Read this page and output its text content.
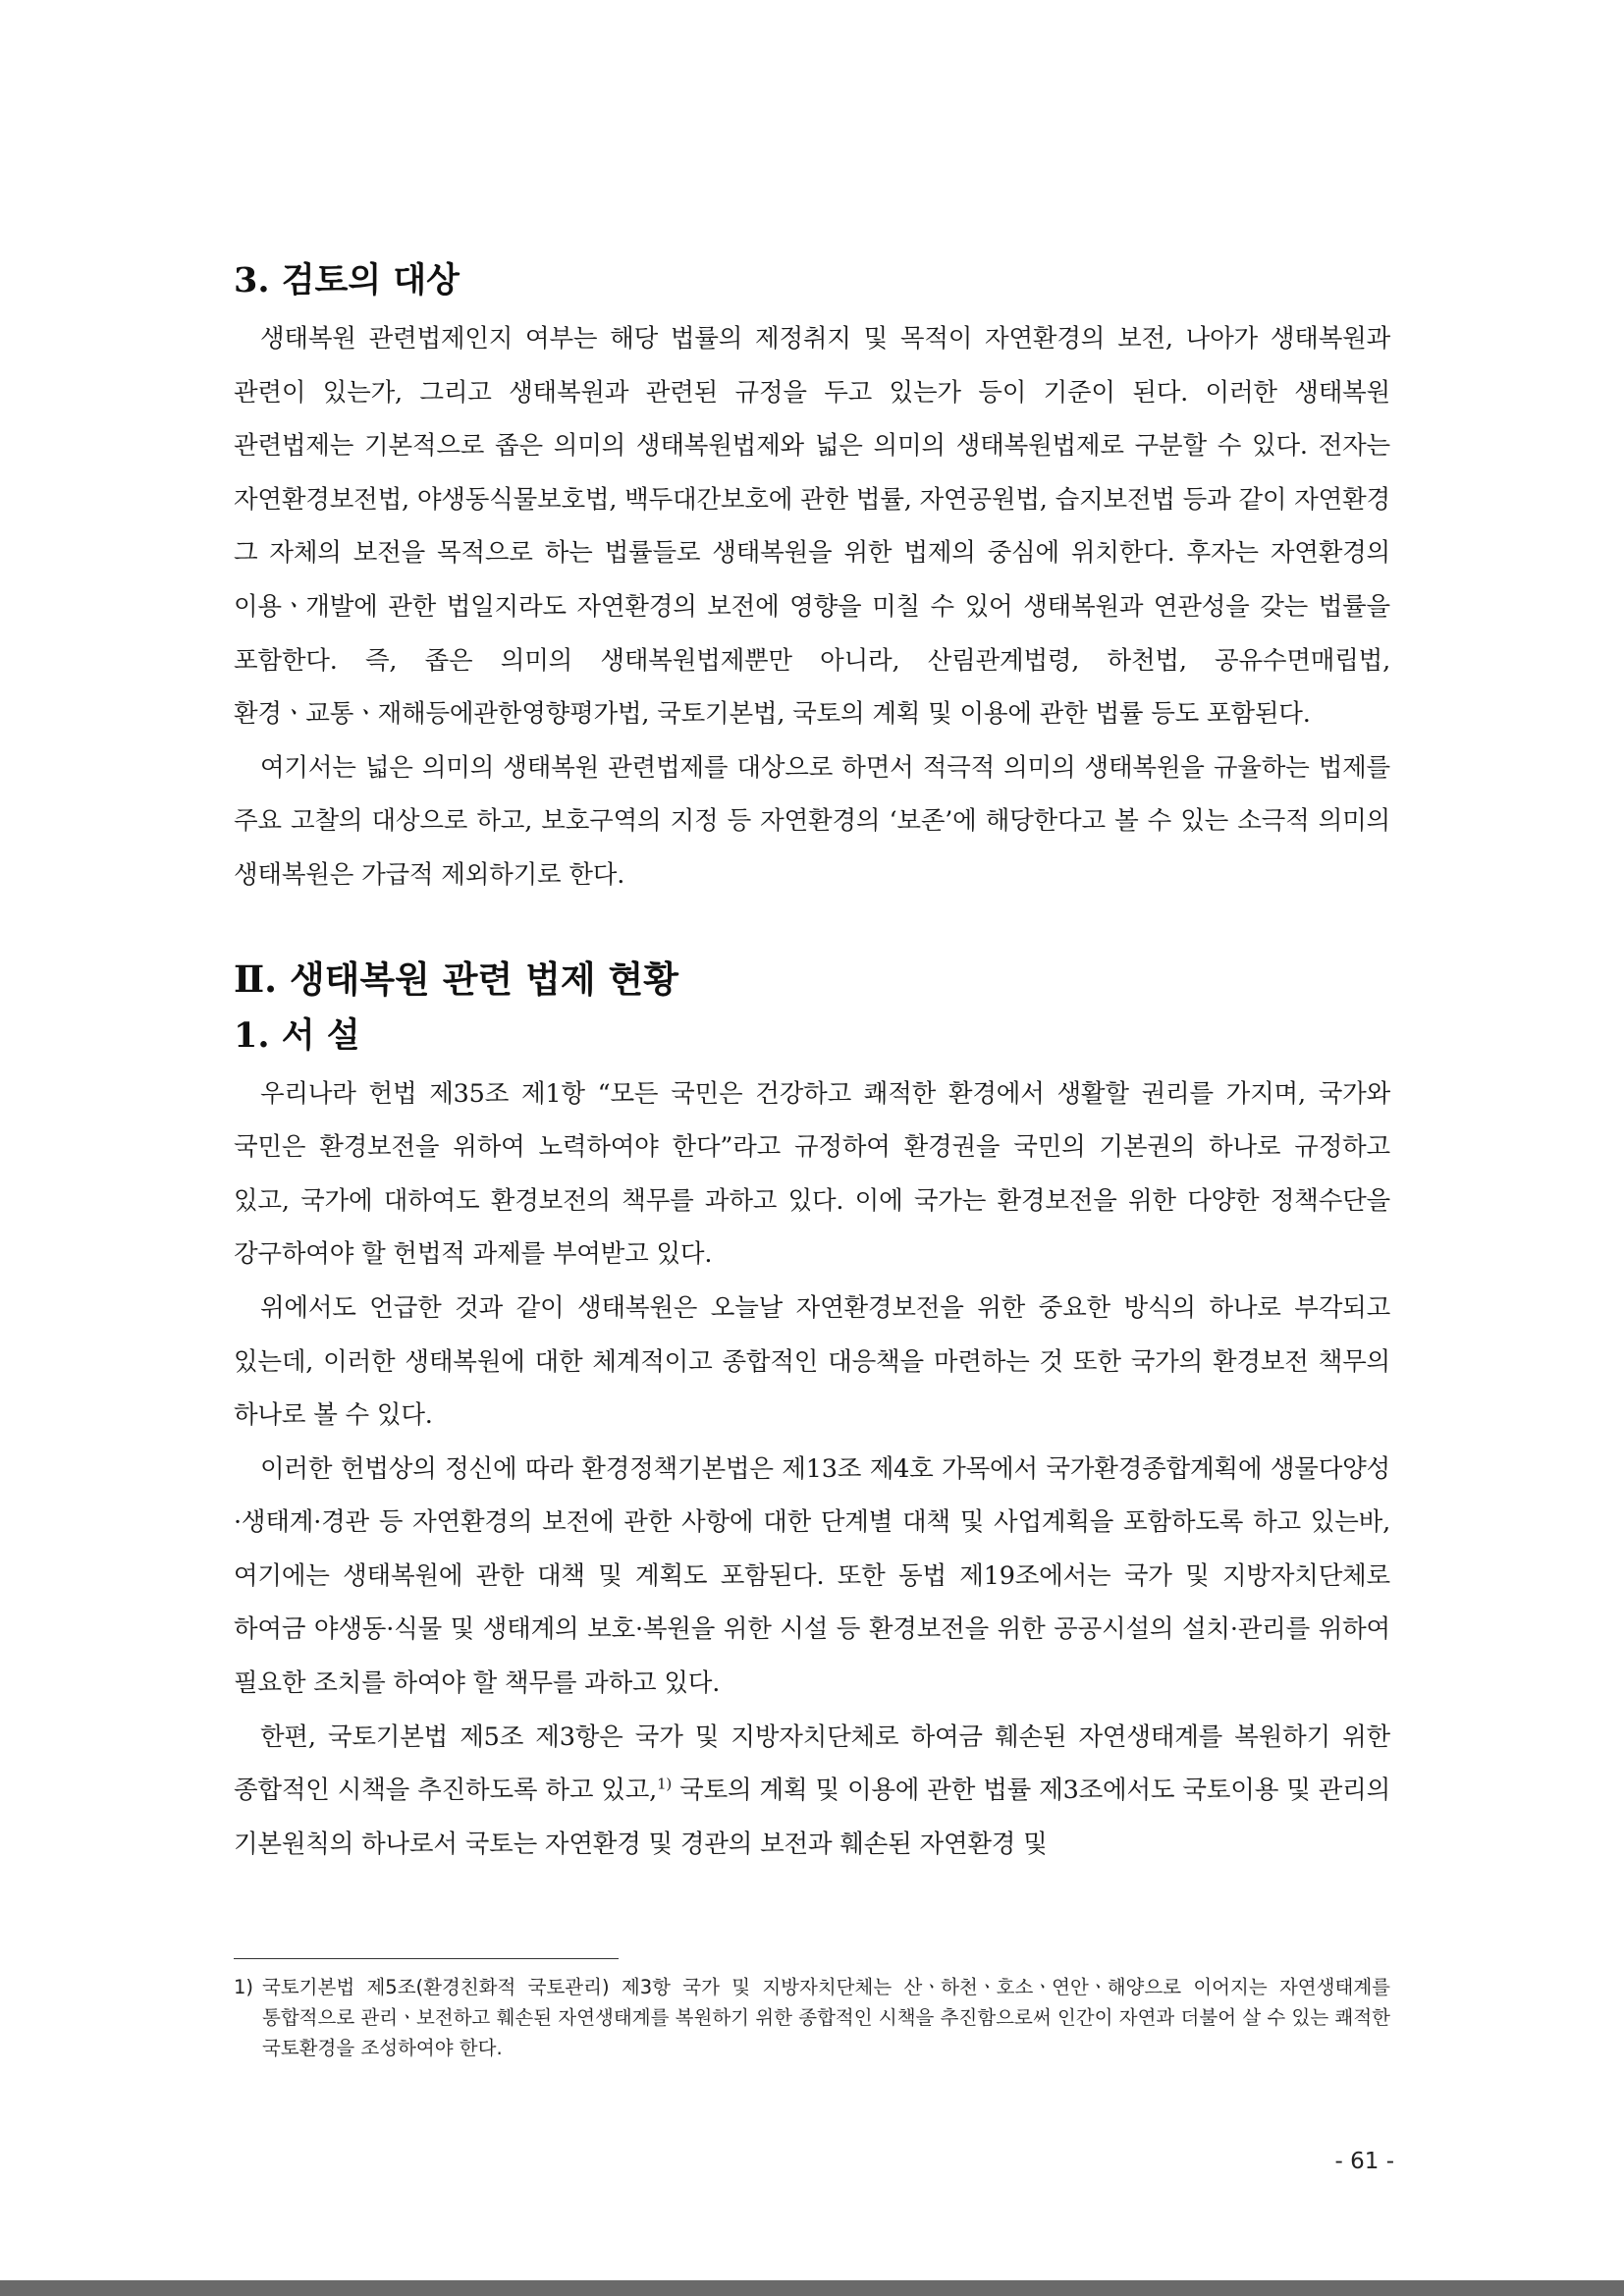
3. 검토의 대상

생태복원 관련법제인지 여부는 해당 법률의 제정취지 및 목적이 자연환경의 보전, 나아가 생태복원과 관련이 있는가, 그리고 생태복원과 관련된 규정을 두고 있는가 등이 기준이 된다. 이러한 생태복원 관련법제는 기본적으로 좁은 의미의 생태복원법제와 넓은 의미의 생태복원법제로 구분할 수 있다. 전자는 자연환경보전법, 야생동식물보호법, 백두대간보호에 관한 법률, 자연공원법, 습지보전법 등과 같이 자연환경 그 자체의 보전을 목적으로 하는 법률들로 생태복원을 위한 법제의 중심에 위치한다. 후자는 자연환경의 이용ㆍ개발에 관한 법일지라도 자연환경의 보전에 영향을 미칠 수 있어 생태복원과 연관성을 갖는 법률을 포함한다. 즉, 좁은 의미의 생태복원법제뿐만 아니라, 산림관계법령, 하천법, 공유수면매립법, 환경ㆍ교통ㆍ재해등에관한영향평가법, 국토기본법, 국토의 계획 및 이용에 관한 법률 등도 포함된다.

여기서는 넓은 의미의 생태복원 관련법제를 대상으로 하면서 적극적 의미의 생태복원을 규율하는 법제를 주요 고찰의 대상으로 하고, 보호구역의 지정 등 자연환경의 ‘보존’에 해당한다고 볼 수 있는 소극적 의미의 생태복원은 가급적 제외하기로 한다.

Ⅱ. 생태복원 관련 법제 현황
1. 서 설

우리나라 헌법 제35조 제1항 “모든 국민은 건강하고 쾌적한 환경에서 생활할 권리를 가지며, 국가와 국민은 환경보전을 위하여 노력하여야 한다”라고 규정하여 환경권을 국민의 기본권의 하나로 규정하고 있고, 국가에 대하여도 환경보전의 책무를 과하고 있다. 이에 국가는 환경보전을 위한 다양한 정책수단을 강구하여야 할 헌법적 과제를 부여받고 있다.

위에서도 언급한 것과 같이 생태복원은 오늘날 자연환경보전을 위한 중요한 방식의 하나로 부각되고 있는데, 이러한 생태복원에 대한 체계적이고 종합적인 대응책을 마련하는 것 또한 국가의 환경보전 책무의 하나로 볼 수 있다.

이러한 헌법상의 정신에 따라 환경정책기본법은 제13조 제4호 가목에서 국가환경종합계획에 생물다양성·생태계·경관 등 자연환경의 보전에 관한 사항에 대한 단계별 대책 및 사업계획을 포함하도록 하고 있는바, 여기에는 생태복원에 관한 대책 및 계획도 포함된다. 또한 동법 제19조에서는 국가 및 지방자치단체로 하여금 야생동·식물 및 생태계의 보호·복원을 위한 시설 등 환경보전을 위한 공공시설의 설치·관리를 위하여 필요한 조치를 하여야 할 책무를 과하고 있다.

한편, 국토기본법 제5조 제3항은 국가 및 지방자치단체로 하여금 훼손된 자연생태계를 복원하기 위한 종합적인 시책을 추진하도록 하고 있고,$^{1)}$ 국토의 계획 및 이용에 관한 법률 제3조에서도 국토이용 및 관리의 기본원칙의 하나로서 국토는 자연환경 및 경관의 보전과 훼손된 자연환경 및

1) 국토기본법 제5조(환경친화적 국토관리) 제3항 국가 및 지방자치단체는 산ㆍ하천ㆍ호소ㆍ연안ㆍ해양으로 이어지는 자연생태계를 통합적으로 관리ㆍ보전하고 훼손된 자연생태계를 복원하기 위한 종합적인 시책을 추진함으로써 인간이 자연과 더불어 살 수 있는 쾌적한 국토환경을 조성하여야 한다.
- 61 -
